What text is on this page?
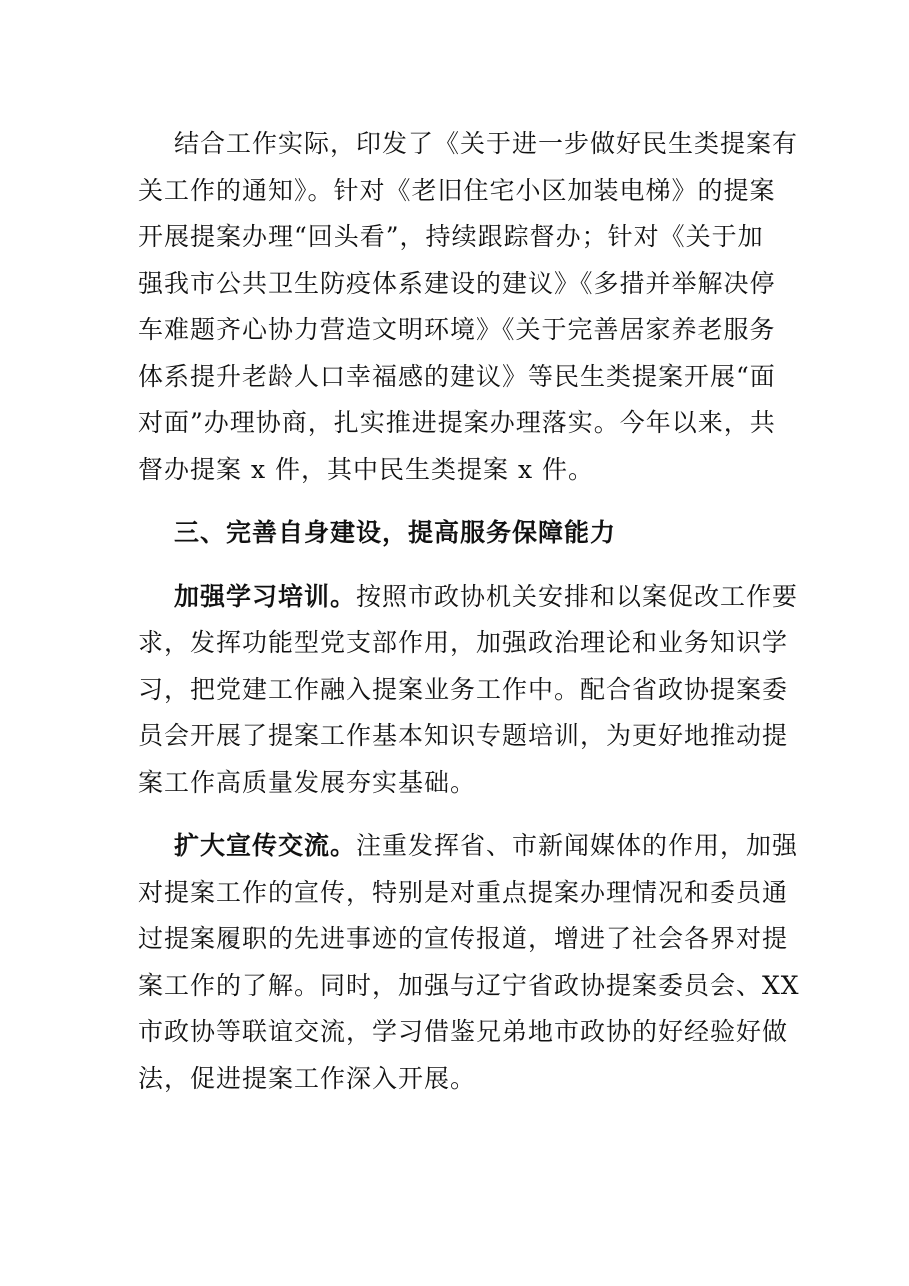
结合工作实际，印发了《关于进一步做好民生类提案有
关工作的通知》。针对《老旧住宅小区加装电梯》的提案
开展提案办理“回头看”，持续跟踪督办；针对《关于加
强我市公共卫生防疫体系建设的建议》《多措并举解决停
车难题齐心协力营造文明环境》《关于完善居家养老服务
体系提升老龄人口幸福感的建议》等民生类提案开展“面
对面”办理协商，扎实推进提案办理落实。今年以来，共
督办提案 x 件，其中民生类提案 x 件。
三、完善自身建设，提高服务保障能力
加强学习培训。按照市政协机关安排和以案促改工作要
求，发挥功能型党支部作用，加强政治理论和业务知识学
习，把党建工作融入提案业务工作中。配合省政协提案委
员会开展了提案工作基本知识专题培训，为更好地推动提
案工作高质量发展夯实基础。
扩大宣传交流。注重发挥省、市新闻媒体的作用，加强
对提案工作的宣传，特别是对重点提案办理情况和委员通
过提案履职的先进事迹的宣传报道，增进了社会各界对提
案工作的了解。同时，加强与辽宁省政协提案委员会、XX
市政协等联谊交流，学习借鉴兄弟地市政协的好经验好做
法，促进提案工作深入开展。
